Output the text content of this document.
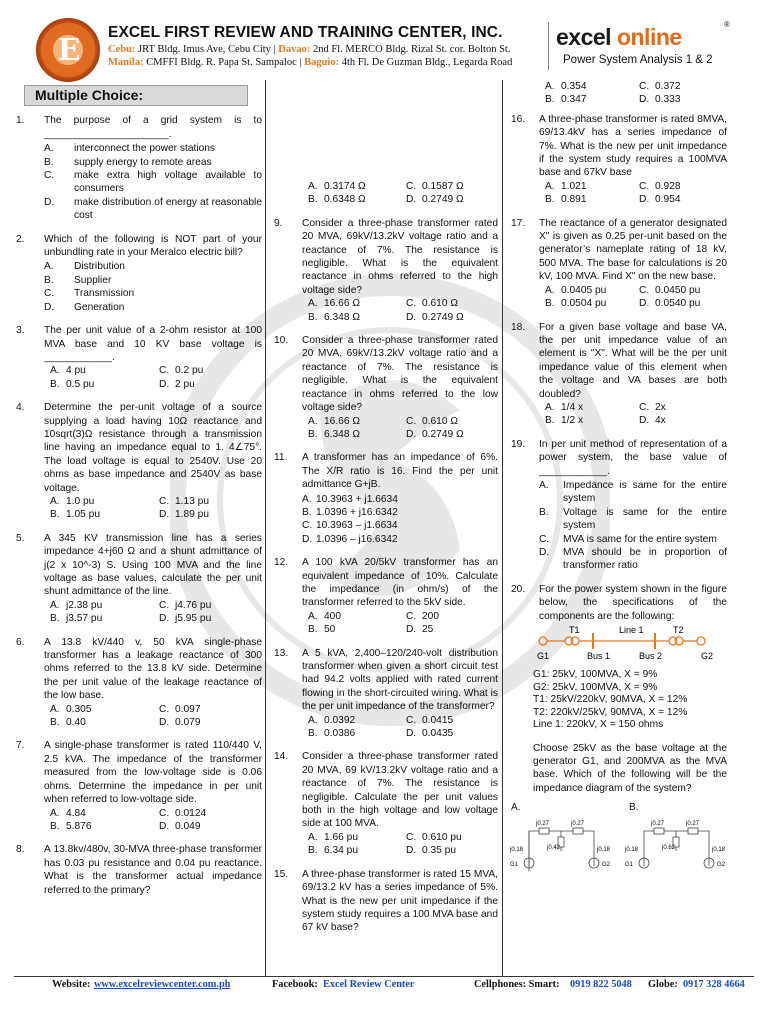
E
EXCEL FIRST REVIEW AND TRAINING CENTER, INC.
Cebu: JRT Bldg. Imus Ave, Cebu City | Davao: 2nd Fl. MERCO Bldg. Rizal St. cor. Bolton St.
Manila: CMFFI Bldg. R. Papa St. Sampaloc | Baguio: 4th Fl. De Guzman Bldg., Legarda Road
excel online	®
Power System Analysis 1 & 2
Multiple Choice:
1. The purpose of a grid system is to ______________________.
A. interconnect the power stations
B. supply energy to remote areas
C. make extra high voltage available to consumers
D. make distribution of energy at reasonable cost
2. Which of the following is NOT part of your unbundling rate in your Meralco electric bill?
A. Distribution
B. Supplier
C. Transmission
D. Generation
3. The per unit value of a 2-ohm resistor at 100 MVA base and 10 KV base voltage is ____________.
A. 4 pu	C. 0.2 pu
B. 0.5 pu	D. 2 pu
4. Determine the per-unit voltage of a source supplying a load having 10Ω reactance and 10sqrt(3)Ω resistance through a transmission line having an impedance equal to 1. 4∠75°. The load voltage is equal to 2540V. Use 20 ohms as base impedance and 2540V as base voltage.
A. 1.0 pu	C. 1.13 pu
B. 1.05 pu	D. 1.89 pu
5. A 345 KV transmission line has a series impedance 4+j60 Ω and a shunt admittance of j(2 x 10^-3) S. Using 100 MVA and the line voltage as base values, calculate the per unit shunt admittance of the line.
A. j2.38 pu	C. j4.76 pu
B. j3.57 pu	D. j5.95 pu
6. A 13.8 kV/440 v, 50 kVA single-phase transformer has a leakage reactance of 300 ohms referred to the 13.8 kV side. Determine the per unit value of the leakage reactance of the low base.
A. 0.305	C. 0.097
B. 0.40	D. 0.079
7. A single-phase transformer is rated 110/440 V, 2.5 kVA. The impedance of the transformer measured from the low-voltage side is 0.06 ohms. Determine the impedance in per unit when referred to low-voltage side.
A. 4.84	C. 0.0124
B. 5.876	D. 0.049
8. A 13.8kv/480v, 30-MVA three-phase transformer has 0.03 pu resistance and 0.04 pu reactance. What is the transformer actual impedance referred to the primary?
A. 0.3174 Ω	C. 0.1587 Ω
B. 0.6348 Ω	D. 0.2749 Ω
9. Consider a three-phase transformer rated 20 MVA, 69kV/13.2kV voltage ratio and a reactance of 7%. The resistance is negligible. What is the equivalent reactance in ohms referred to the high voltage side?
A. 16.66 Ω	C. 0.610 Ω
B. 6.348 Ω	D. 0.2749 Ω
10. Consider a three-phase transformer rated 20 MVA, 69kV/13.2kV voltage ratio and a reactance of 7%. The resistance is negligible. What is the equivalent reactance in ohms referred to the low voltage side?
A. 16.66 Ω	C. 0.610 Ω
B. 6.348 Ω	D. 0.2749 Ω
11. A transformer has an impedance of 6%. The X/R ratio is 16. Find the per unit admittance G+jB.
A. 10.3963 + j1.6634
B. 1.0396 + j16.6342
C. 10.3963 – j1.6634
D. 1.0396 – j16.6342
12. A 100 kVA 20/5kV transformer has an equivalent impedance of 10%. Calculate the impedance (in ohm/s) of the transformer referred to the 5kV side.
A. 400	C. 200
B. 50	D. 25
13. A 5 kVA, 2,400–120/240-volt distribution transformer when given a short circuit test had 94.2 volts applied with rated current flowing in the short-circuited wiring. What is the per unit impedance of the transformer?
A. 0.0392	C. 0.0415
B. 0.0386	D. 0.0435
14. Consider a three-phase transformer rated 20 MVA, 69 kV/13.2kV voltage ratio and a reactance of 7%. The resistance is negligible. Calculate the per unit values both in the high voltage and low voltage side at 100 MVA.
A. 1.66 pu	C. 0.610 pu
B. 6.34 pu	D. 0.35 pu
15. A three-phase transformer is rated 15 MVA, 69/13.2 kV has a series impedance of 5%. What is the new per unit impedance if the system study requires a 100 MVA base and 67 kV base?
A. 0.354	C. 0.372
B. 0.347	D. 0.333
16. A three-phase transformer is rated 8MVA, 69/13.4kV has a series impedance of 7%. What is the new per unit impedance if the system study requires a 100MVA base and 67kV base
A. 1.021	C. 0.928
B. 0.891	D. 0.954
17. The reactance of a generator designated X" is given as 0.25 per-unit based on the generator’s nameplate rating of 18 kV, 500 MVA. The base for calculations is 20 kV, 100 MVA. Find X" on the new base.
A. 0.0405 pu	C. 0.0450 pu
B. 0.0504 pu	D. 0.0540 pu
18. For a given base voltage and base VA, the per unit impedance value of an element is "X". What will be the per unit impedance value of this element when the voltage and VA bases are both doubled?
A. 1/4 x	C. 2x
B. 1/2 x	D. 4x
19. In per unit method of representation of a power system, the base value of ____________.
A. Impedance is same for the entire system
B. Voltage is same for the entire system
C. MVA is same for the entire system
D. MVA should be in proportion of transformer ratio
20. For the power system shown in the figure below, the specifications of the components are the following:
T1	Line 1	T2
G1	Bus 1	Bus 2	G2
G1: 25kV, 100MVA, X = 9%
G2: 25kV, 100MVA, X = 9%
T1: 25kV/220kV, 90MVA, X = 12%
T2: 220kV/25kV, 90MVA, X = 12%
Line 1: 220kV, X = 150 ohms
Choose 25kV as the base voltage at the generator G1, and 200MVA as the MVA base. Which of the following will be the impedance diagram of the system?
A.	B.
j0.27
j0.42
j0.27
j0.18	j0.18
G1	G2
j0.27
j0.62
j0.27
j0.18	j0.18
G1	G2
Website: www.excelreviewcenter.com.ph	Facebook: Excel Review Center	Cellphones: Smart: 0919 822 5048 Globe: 0917 328 4664
